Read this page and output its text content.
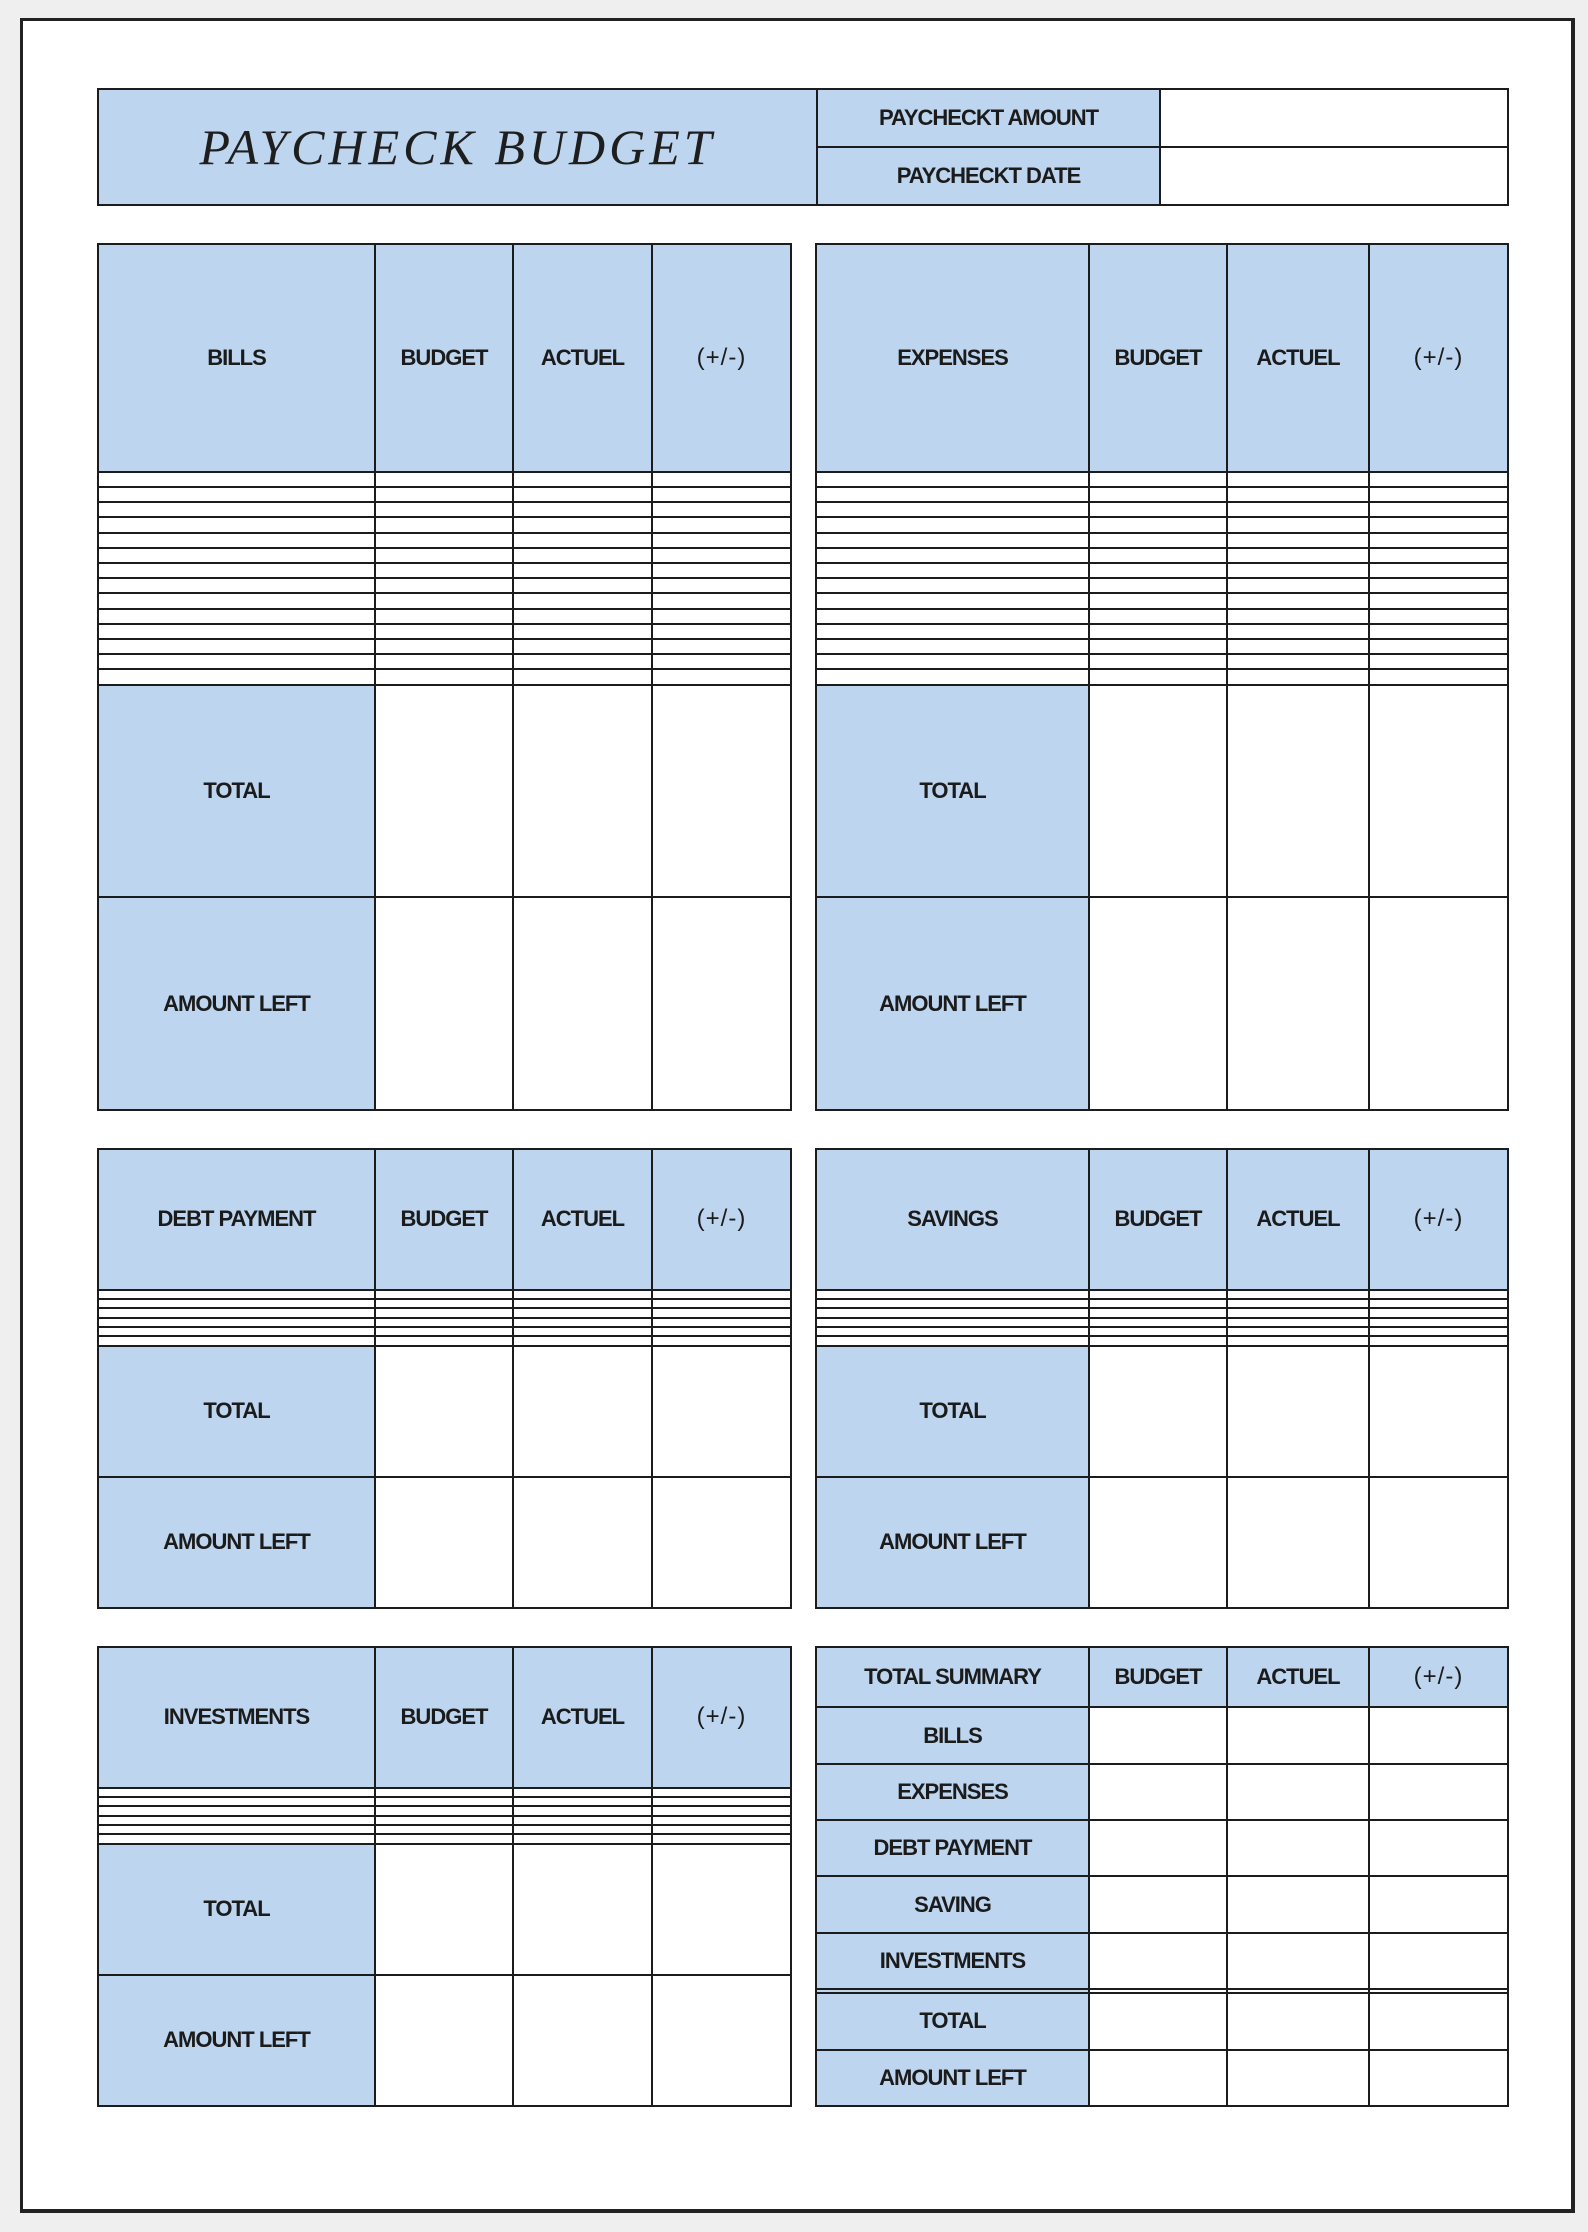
PAYCHECK BUDGET	PAYCHECKT AMOUNT	
	PAYCHECKT DATE	
BILLS	BUDGET	ACTUEL	(+/-)

TOTAL			
AMOUNT LEFT			
EXPENSES	BUDGET	ACTUEL	(+/-)

TOTAL			
AMOUNT LEFT			
DEBT PAYMENT	BUDGET	ACTUEL	(+/-)

TOTAL			
AMOUNT LEFT			
SAVINGS	BUDGET	ACTUEL	(+/-)

TOTAL			
AMOUNT LEFT			
INVESTMENTS	BUDGET	ACTUEL	(+/-)

TOTAL			
AMOUNT LEFT			
TOTAL SUMMARY	BUDGET	ACTUEL	(+/-)
BILLS			
EXPENSES			
DEBT PAYMENT			
SAVING			
INVESTMENTS			

TOTAL			
AMOUNT LEFT			
